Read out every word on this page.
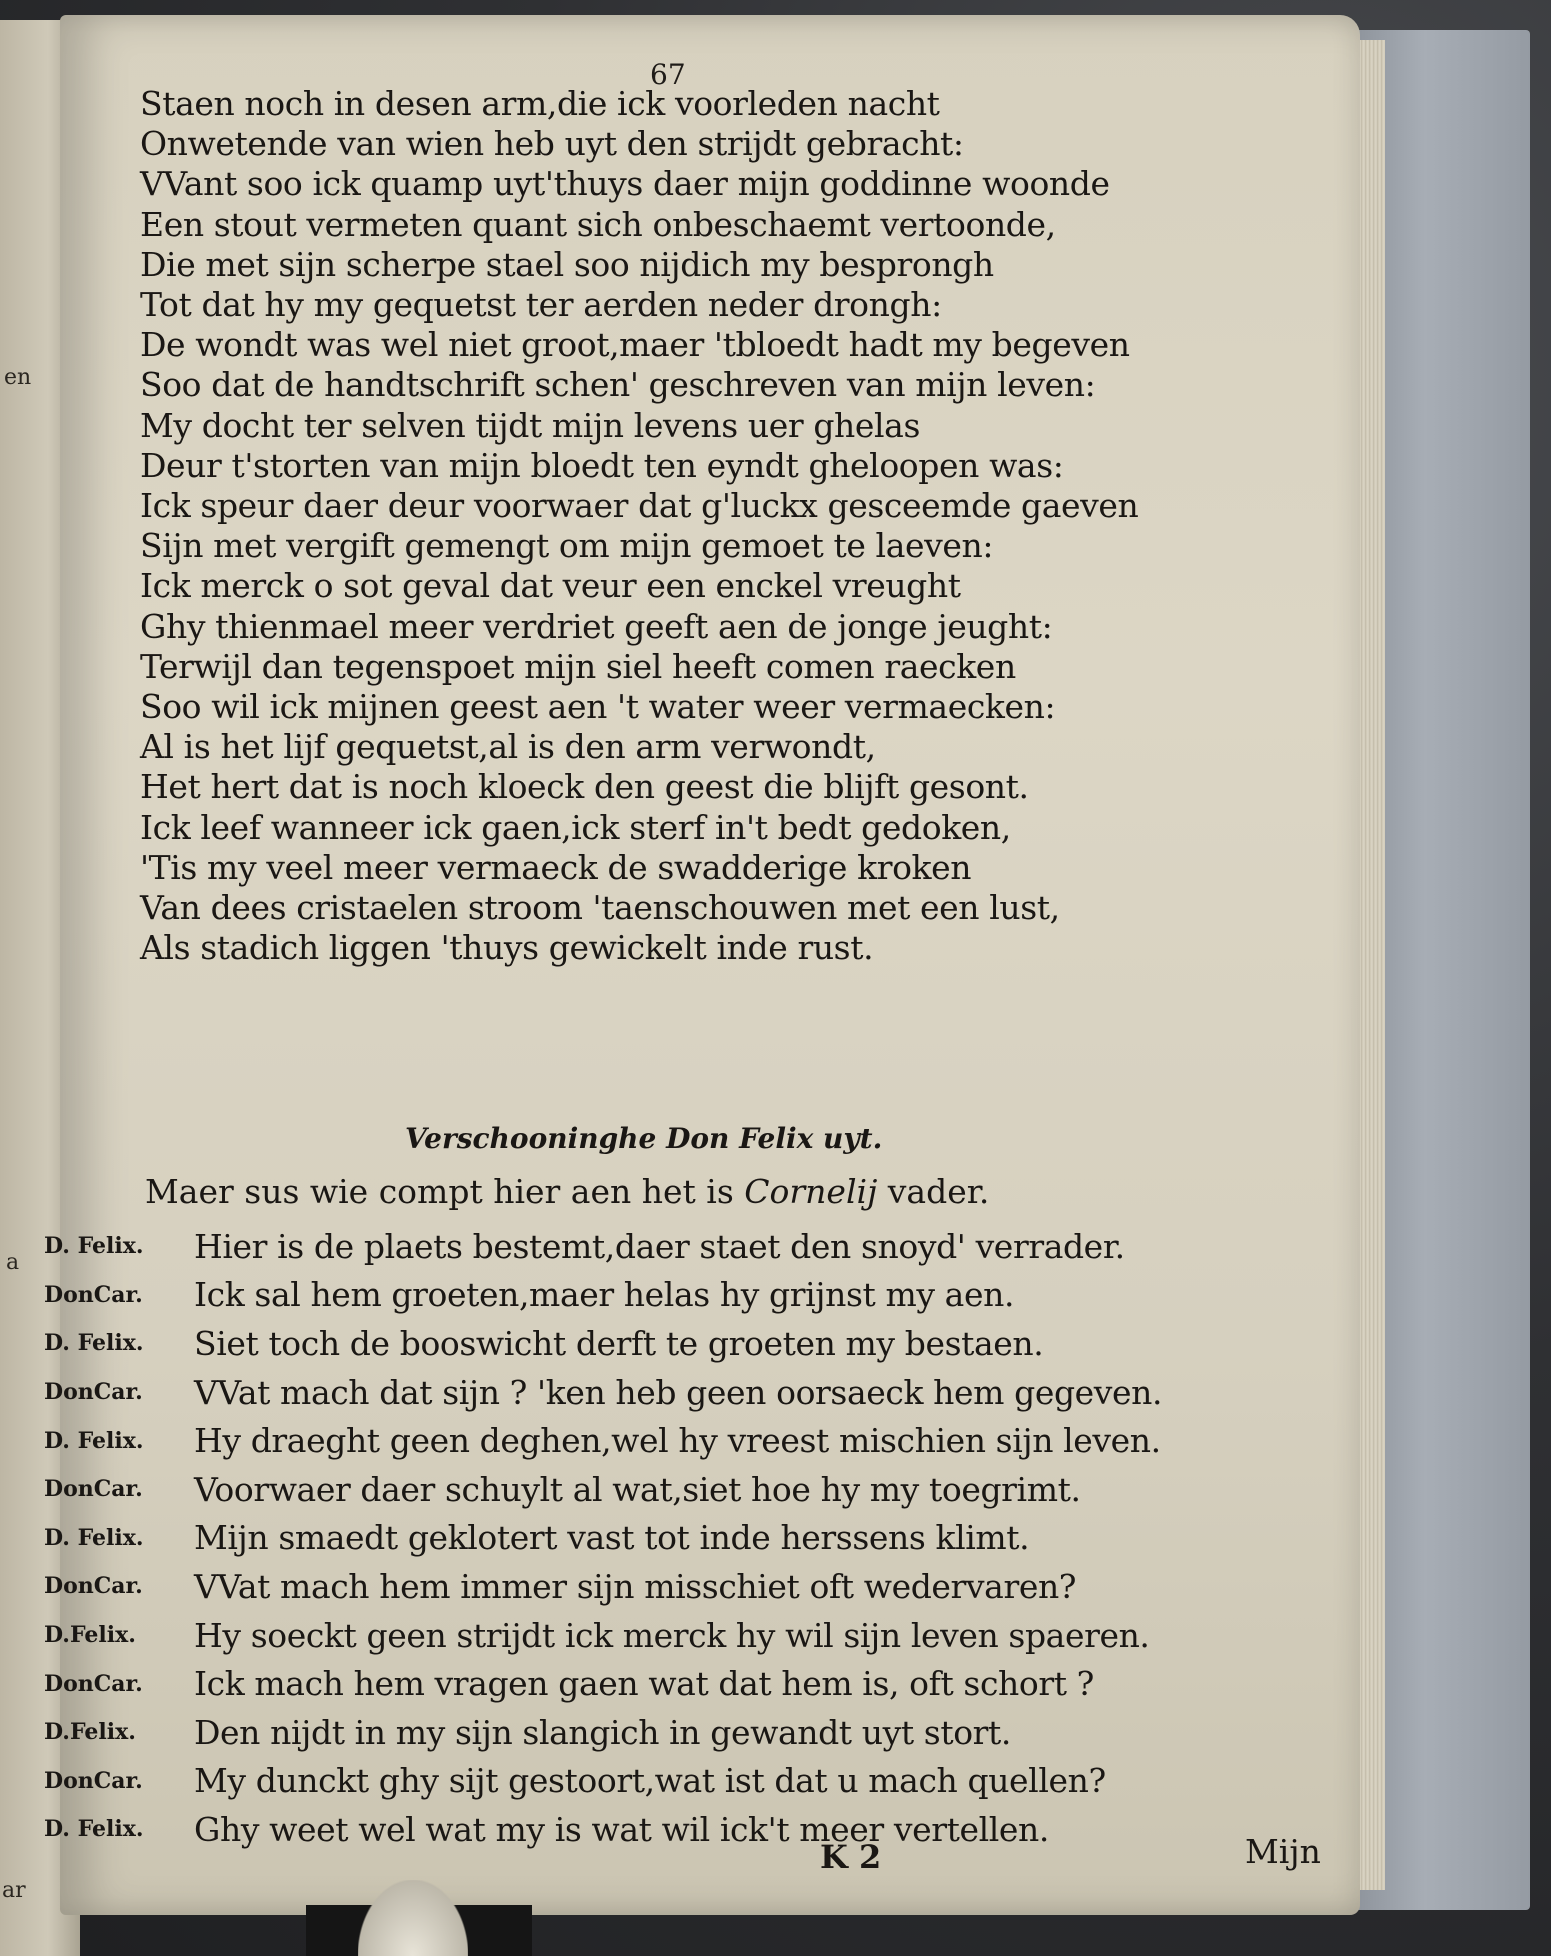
en
a
ar
67
Staen noch in desen arm,die ick voorleden nacht
Onwetende van wien heb uyt den strijdt gebracht:
VVant soo ick quamp uyt'thuys daer mijn goddinne woonde
Een stout vermeten quant sich onbeschaemt vertoonde,
Die met sijn scherpe stael soo nijdich my besprongh
Tot dat hy my gequetst ter aerden neder drongh:
De wondt was wel niet groot,maer 'tbloedt hadt my begeven
Soo dat de handtschrift schen' geschreven van mijn leven:
My docht ter selven tijdt mijn levens uer ghelas
Deur t'storten van mijn bloedt ten eyndt gheloopen was:
Ick speur daer deur voorwaer dat g'luckx gesceemde gaeven
Sijn met vergift gemengt om mijn gemoet te laeven:
Ick merck o sot geval dat veur een enckel vreught
Ghy thienmael meer verdriet geeft aen de jonge jeught:
Terwijl dan tegenspoet mijn siel heeft comen raecken
Soo wil ick mijnen geest aen 't water weer vermaecken:
Al is het lijf gequetst,al is den arm verwondt,
Het hert dat is noch kloeck den geest die blijft gesont.
Ick leef wanneer ick gaen,ick sterf in't bedt gedoken,
'Tis my veel meer vermaeck de swadderige kroken
Van dees cristaelen stroom 'taenschouwen met een lust,
Als stadich liggen 'thuys gewickelt inde rust.
Verschooninghe Don Felix uyt.
Maer sus wie compt hier aen het is Cornelij vader.
D. Felix.	Hier is de plaets bestemt,daer staet den snoyd' verrader.
DonCar.	Ick sal hem groeten,maer helas hy grijnst my aen.
D. Felix.	Siet toch de booswicht derft te groeten my bestaen.
DonCar.	VVat mach dat sijn ? 'ken heb geen oorsaeck hem gegeven.
D. Felix.	Hy draeght geen deghen,wel hy vreest mischien sijn leven.
DonCar.	Voorwaer daer schuylt al wat,siet hoe hy my toegrimt.
D. Felix.	Mijn smaedt geklotert vast tot inde herssens klimt.
DonCar.	VVat mach hem immer sijn misschiet oft wedervaren?
D.Felix.	Hy soeckt geen strijdt ick merck hy wil sijn leven spaeren.
DonCar.	Ick mach hem vragen gaen wat dat hem is, oft schort ?
D.Felix.	Den nijdt in my sijn slangich in gewandt uyt stort.
DonCar.	My dunckt ghy sijt gestoort,wat ist dat u mach quellen?
D. Felix.	Ghy weet wel wat my is wat wil ick't meer vertellen.
K 2	Mijn
